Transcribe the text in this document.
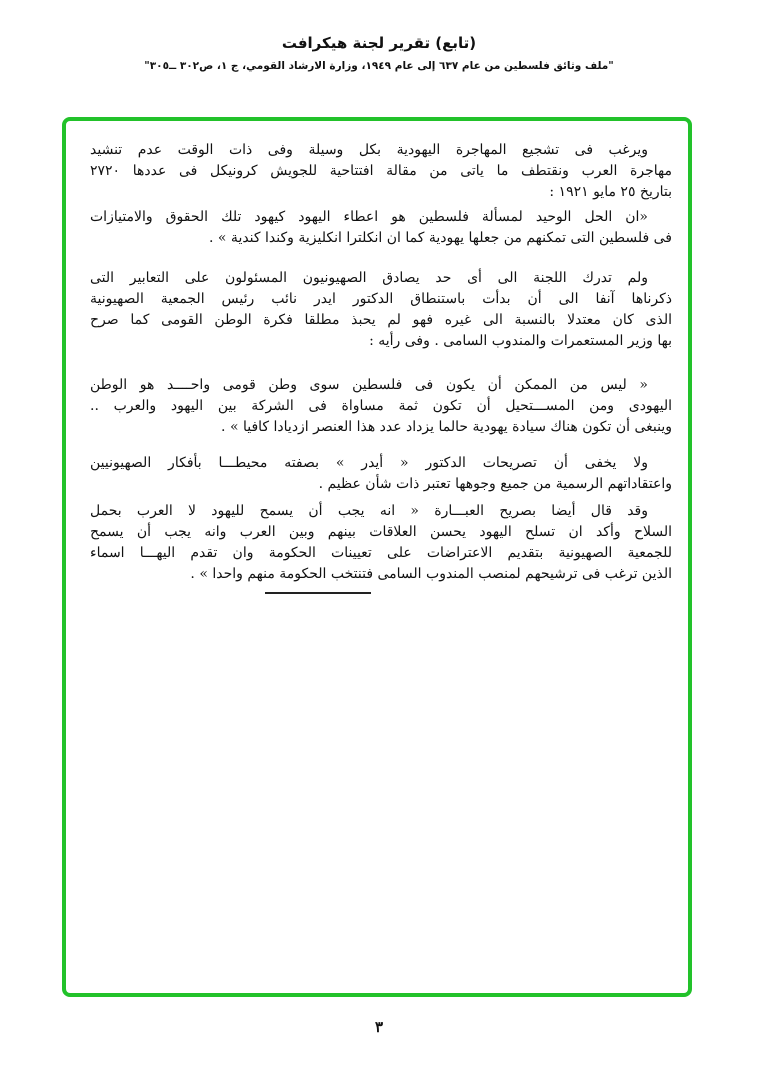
(تابع) تقرير لجنة هيكرافت
"ملف وثائق فلسطين من عام ٦٣٧ إلى عام ١٩٤٩، وزارة الارشاد القومي، ج ١، ص٣٠٢ ــ٣٠٥"
ويرغب فى تشجيع المهاجرة اليهودية بكل وسيلة وفى ذات الوقت عدم تنشيد
مهاجرة العرب ونقتطف ما ياتى من مقالة افتتاحية للجويش كرونيكل فى عددها ٢٧٢٠
بتاريخ ٢٥ مايو ١٩٢١ :
«ان الحل الوحيد لمسألة فلسطين هو اعطاء اليهود كيهود تلك الحقوق والامتيازات
فى فلسطين التى تمكنهم من جعلها يهودية كما ان انكلترا انكليزية وكندا كندية » .
ولم تدرك اللجنة الى أى حد يصادق الصهيونيون المسئولون على التعابير التى
ذكرناها آنفا الى أن بدأت باستنطاق الدكتور ايدر نائب رئيس الجمعية الصهيونية
الذى كان معتدلا بالنسبة الى غيره فهو لم يحبذ مطلقا فكرة الوطن القومى كما صرح
بها وزير المستعمرات والمندوب السامى . وفى رأيه :
« ليس من الممكن أن يكون فى فلسطين سوى وطن قومى واحــــد هو الوطن
اليهودى ومن المســـتحيل أن تكون ثمة مساواة فى الشركة بين اليهود والعرب ..
وينبغى أن تكون هناك سيادة يهودية حالما يزداد عدد هذا العنصر ازديادا كافيا » .
ولا يخفى أن تصريحات الدكتور « أيدر » بصفته محيطـــا بأفكار الصهيونيين
واعتقاداتهم الرسمية من جميع وجوهها تعتبر ذات شأن عظيم .
وقد قال أيضا بصريح العبـــارة « انه يجب أن يسمح لليهود لا العرب بحمل
السلاح وأكد ان تسلح اليهود يحسن العلاقات بينهم وبين العرب وانه يجب أن يسمح
للجمعية الصهيونية بتقديم الاعتراضات على تعيينات الحكومة وان تقدم اليهـــا اسماء
الذين ترغب فى ترشيحهم لمنصب المندوب السامى فتنتخب الحكومة منهم واحدا » .
٣
